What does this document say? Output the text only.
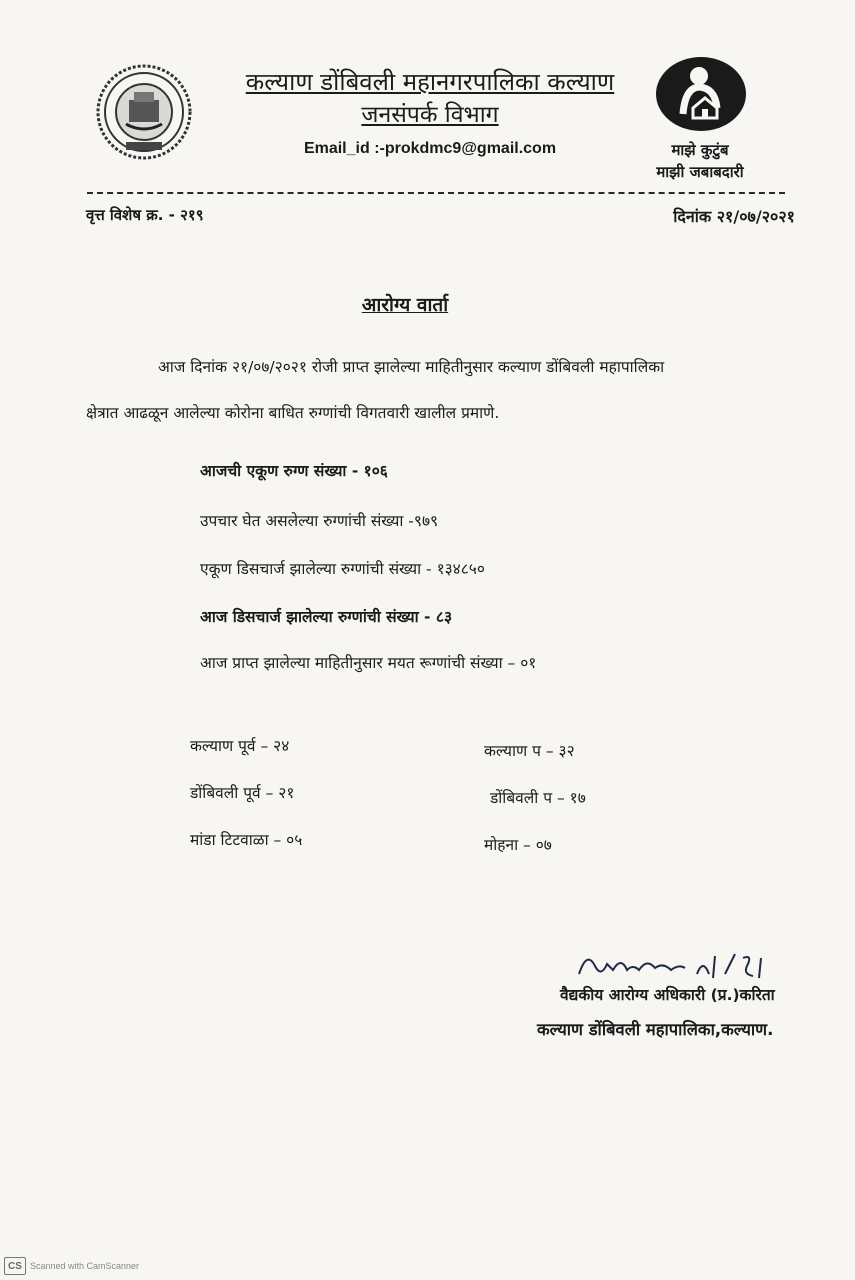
कल्याण डोंबिवली महानगरपालिका कल्याण
जनसंपर्क विभाग
Email_id :-prokdmc9@gmail.com	माझे कुटुंब
माझी जबाबदारी
वृत्त विशेष क्र. - २१९	दिनांक २१/०७/२०२१
आरोग्य वार्ता
आज दिनांक २१/०७/२०२१ रोजी प्राप्त झालेल्या माहितीनुसार कल्याण डोंबिवली महापालिका
क्षेत्रात आढळून आलेल्या कोरोना बाधित रुग्णांची विगतवारी खालील प्रमाणे.
आजची एकूण रुग्ण संख्या - १०६
उपचार घेत असलेल्या रुग्णांची संख्या -९७९
एकूण डिसचार्ज झालेल्या रुग्णांची संख्या - १३४८५०
आज डिसचार्ज झालेल्या रुग्णांची संख्या - ८३
आज प्राप्त झालेल्या माहितीनुसार मयत रूग्णांची संख्या – ०१
कल्याण पूर्व – २४	कल्याण प – ३२
डोंबिवली पूर्व – २१	डोंबिवली प – १७
मांडा टिटवाळा – ०५	मोहना – ०७
वैद्यकीय आरोग्य अधिकारी (प्र.)करिता
कल्याण डोंबिवली महापालिका,कल्याण.
CS Scanned with CamScanner
